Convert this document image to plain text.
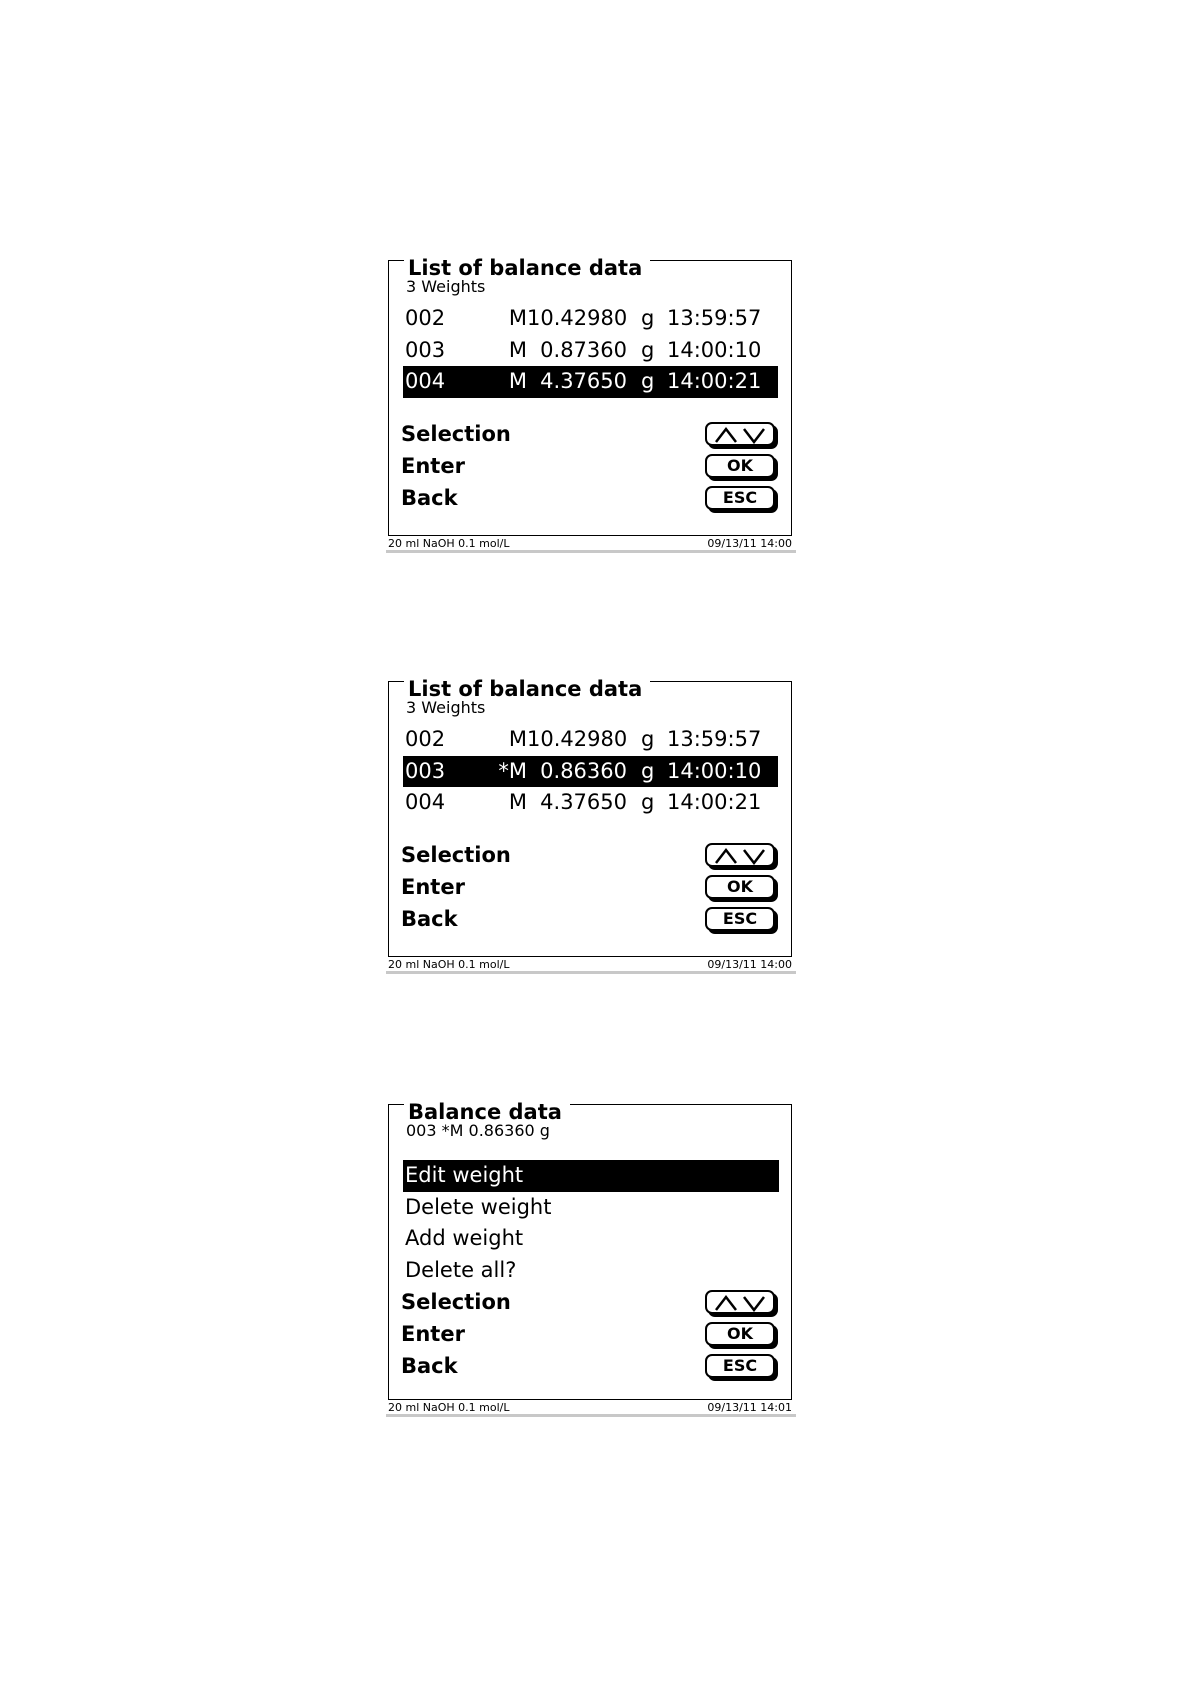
List of balance data
3 Weights
002	M 10.42980 g 13:59:57
003	M 0.87360 g 14:00:10
004	M 4.37650 g 14:00:21
Selection
Enter	OK
Back	ESC
20 ml NaOH 0.1 mol/L	09/13/11 14:00
List of balance data
3 Weights
002	M 10.42980 g 13:59:57
003	*M 0.86360 g 14:00:10
004	M 4.37650 g 14:00:21
Selection
Enter	OK
Back	ESC
20 ml NaOH 0.1 mol/L	09/13/11 14:00
Balance data
003 *M 0.86360 g
Edit weight
Delete weight
Add weight
Delete all?
Selection
Enter	OK
Back	ESC
20 ml NaOH 0.1 mol/L	09/13/11 14:01
